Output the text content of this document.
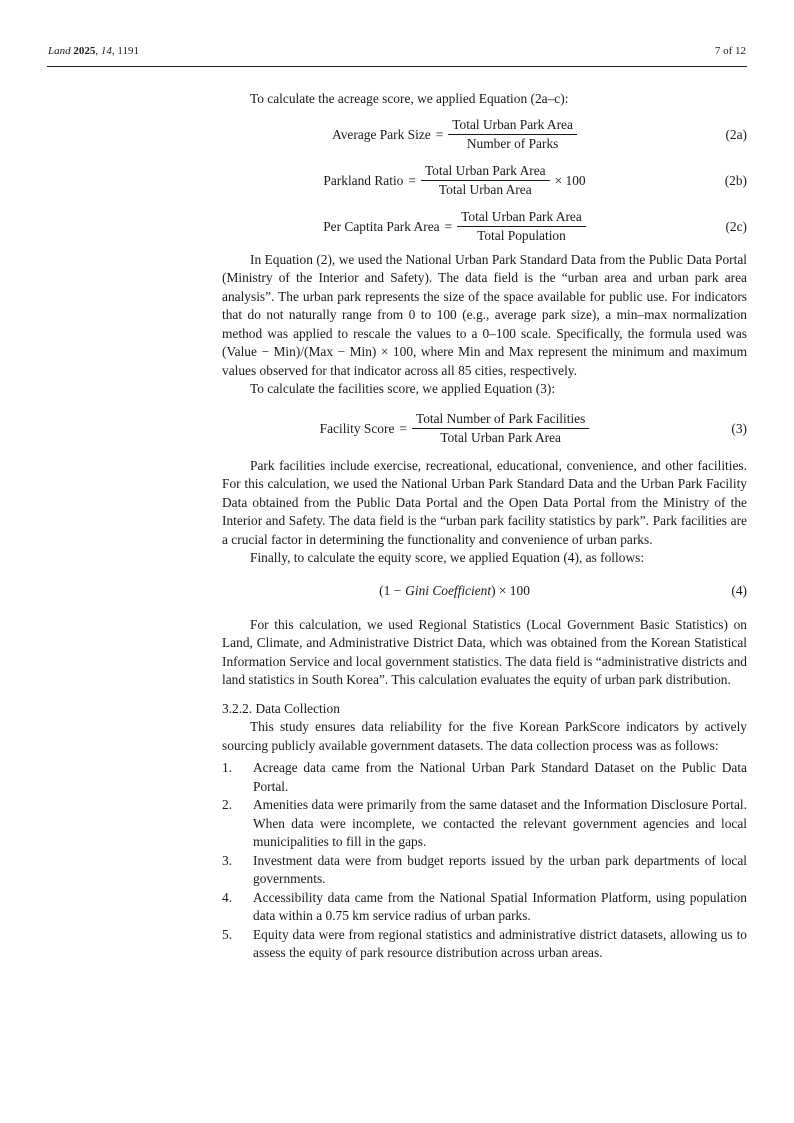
Land 2025, 14, 1191	7 of 12

To calculate the acreage score, we applied Equation (2a–c):

Average Park Size = $\frac{\text{Total Urban Park Area}}{\text{Number of Parks}}$	(2a)
Parkland Ratio = $\frac{\text{Total Urban Park Area}}{\text{Total Urban Area}} \times 100$	(2b)
Per Captita Park Area = $\frac{\text{Total Urban Park Area}}{\text{Total Population}}$	(2c)

In Equation (2), we used the National Urban Park Standard Data from the Public Data Portal (Ministry of the Interior and Safety). The data field is the “urban area and urban park area analysis”. The urban park represents the size of the space available for public use. For indicators that do not naturally range from 0 to 100 (e.g., average park size), a min–max normalization method was applied to rescale the values to a 0–100 scale. Specifically, the formula used was (Value − Min)/(Max − Min) × 100, where Min and Max represent the minimum and maximum values observed for that indicator across all 85 cities, respectively.

To calculate the facilities score, we applied Equation (3):

Facility Score = $\frac{\text{Total Number of Park Facilities}}{\text{Total Urban Park Area}}$	(3)

Park facilities include exercise, recreational, educational, convenience, and other facilities. For this calculation, we used the National Urban Park Standard Data and the Urban Park Facility Data obtained from the Public Data Portal and the Open Data Portal from the Ministry of the Interior and Safety. The data field is the “urban park facility statistics by park”. Park facilities are a crucial factor in determining the functionality and convenience of urban parks.

Finally, to calculate the equity score, we applied Equation (4), as follows:

(1 − Gini Coefficient ) × 100	(4)

For this calculation, we used Regional Statistics (Local Government Basic Statistics) on Land, Climate, and Administrative District Data, which was obtained from the Korean Statistical Information Service and local government statistics. The data field is “administrative districts and land statistics in South Korea”. This calculation evaluates the equity of urban park distribution.

3.2.2. Data Collection

This study ensures data reliability for the five Korean ParkScore indicators by actively sourcing publicly available government datasets. The data collection process was as follows:

1. Acreage data came from the National Urban Park Standard Dataset on the Public Data Portal.
2. Amenities data were primarily from the same dataset and the Information Disclosure Portal. When data were incomplete, we contacted the relevant government agencies and local municipalities to fill in the gaps.
3. Investment data were from budget reports issued by the urban park departments of local governments.
4. Accessibility data came from the National Spatial Information Platform, using population data within a 0.75 km service radius of urban parks.
5. Equity data were from regional statistics and administrative district datasets, allowing us to assess the equity of park resource distribution across urban areas.
